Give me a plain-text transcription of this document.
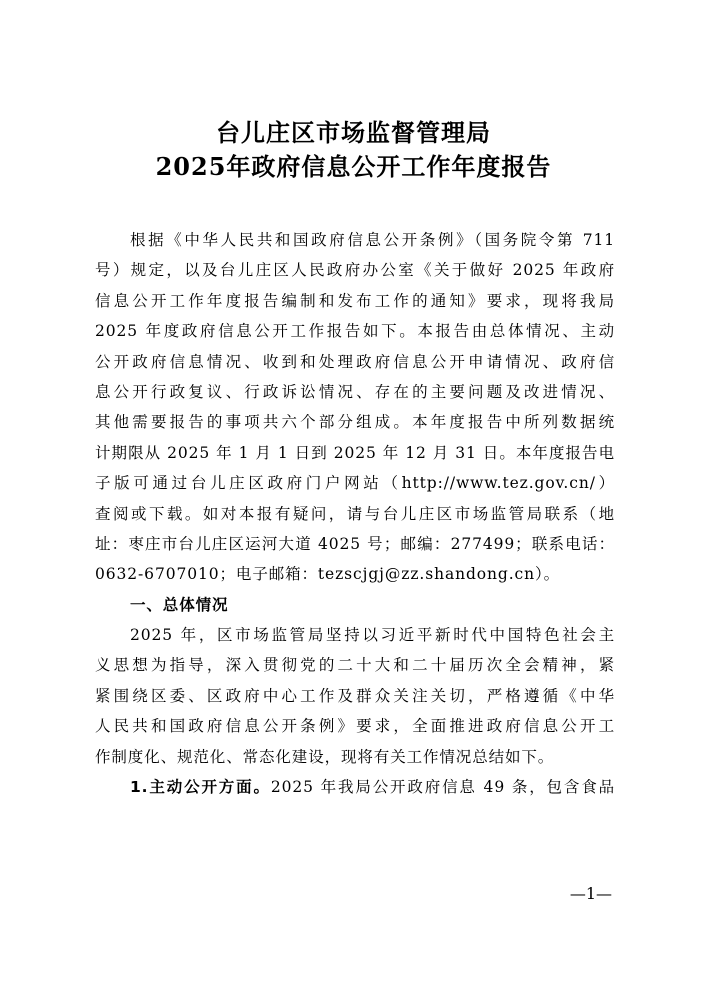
台儿庄区市场监督管理局
2025年政府信息公开工作年度报告
根据《中华人民共和国政府信息公开条例》（国务院令第 711
号）规定，以及台儿庄区人民政府办公室《关于做好 2025 年政府
信息公开工作年度报告编制和发布工作的通知》要求，现将我局
2025 年度政府信息公开工作报告如下。本报告由总体情况、主动
公开政府信息情况、收到和处理政府信息公开申请情况、政府信
息公开行政复议、行政诉讼情况、存在的主要问题及改进情况、
其他需要报告的事项共六个部分组成。本年度报告中所列数据统
计期限从 2025 年 1 月 1 日到 2025 年 12 月 31 日。本年度报告电
子版可通过台儿庄区政府门户网站（http://www.tez.gov.cn/）
查阅或下载。如对本报有疑问，请与台儿庄区市场监管局联系（地
址：枣庄市台儿庄区运河大道 4025 号；邮编：277499；联系电话：
0632-6707010；电子邮箱：tezscjgj@zz.shandong.cn）。
一、总体情况
2025 年，区市场监管局坚持以习近平新时代中国特色社会主
义思想为指导，深入贯彻党的二十大和二十届历次全会精神，紧
紧围绕区委、区政府中心工作及群众关注关切，严格遵循《中华
人民共和国政府信息公开条例》要求，全面推进政府信息公开工
作制度化、规范化、常态化建设，现将有关工作情况总结如下。
1.主动公开方面。2025 年我局公开政府信息 49 条，包含食品
—1—
